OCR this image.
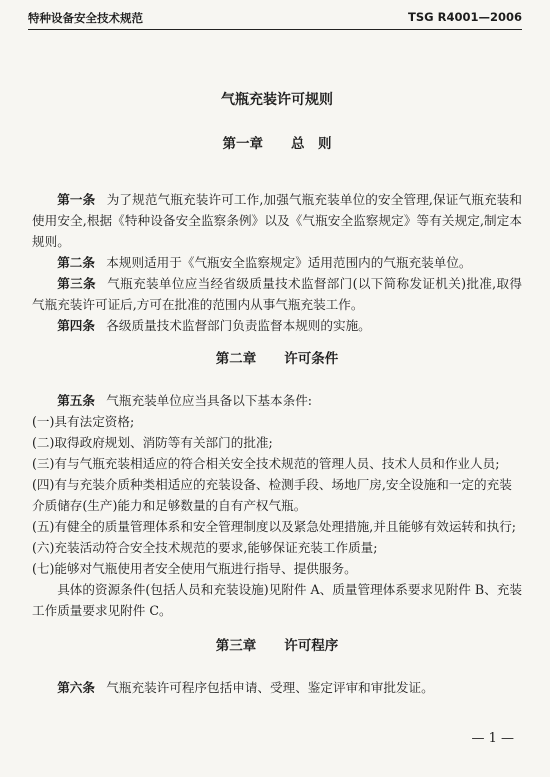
特种设备安全技术规范	TSG R4001—2006
气瓶充装许可规则
第一章 总　则

第一条 为了规范气瓶充装许可工作,加强气瓶充装单位的安全管理,保证气瓶充装和使用安全,根据《特种设备安全监察条例》以及《气瓶安全监察规定》等有关规定,制定本规则。

第二条 本规则适用于《气瓶安全监察规定》适用范围内的气瓶充装单位。

第三条 气瓶充装单位应当经省级质量技术监督部门(以下简称发证机关)批准,取得气瓶充装许可证后,方可在批准的范围内从事气瓶充装工作。

第四条 各级质量技术监督部门负责监督本规则的实施。

第二章 许可条件

第五条 气瓶充装单位应当具备以下基本条件:

(一)具有法定资格;

(二)取得政府规划、消防等有关部门的批准;

(三)有与气瓶充装相适应的符合相关安全技术规范的管理人员、技术人员和作业人员;

(四)有与充装介质种类相适应的充装设备、检测手段、场地厂房,安全设施和一定的充装介质储存(生产)能力和足够数量的自有产权气瓶。

(五)有健全的质量管理体系和安全管理制度以及紧急处理措施,并且能够有效运转和执行;

(六)充装活动符合安全技术规范的要求,能够保证充装工作质量;

(七)能够对气瓶使用者安全使用气瓶进行指导、提供服务。

具体的资源条件(包括人员和充装设施)见附件 A、质量管理体系要求见附件 B、充装工作质量要求见附件 C。

第三章 许可程序

第六条 气瓶充装许可程序包括申请、受理、鉴定评审和审批发证。

— 1 —
